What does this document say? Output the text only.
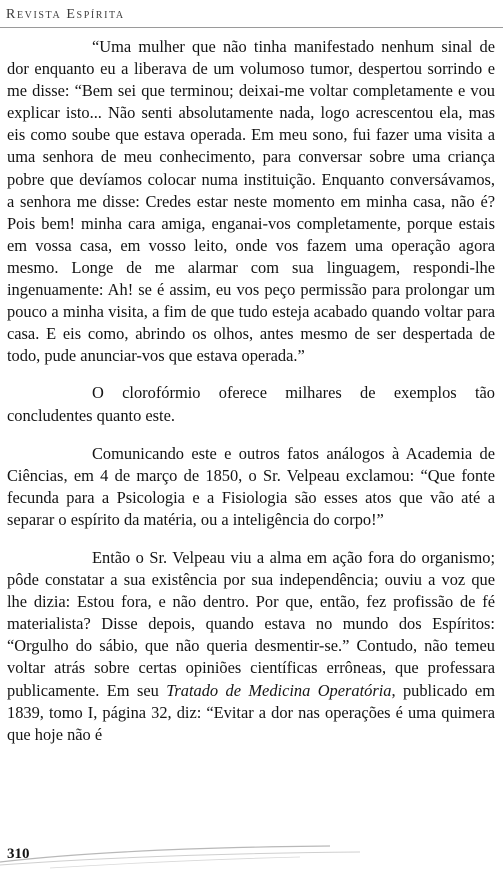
Revista Espírita

“Uma mulher que não tinha manifestado nenhum sinal de dor enquanto eu a liberava de um volumoso tumor, despertou sorrindo e me disse: “Bem sei que terminou; deixai-me voltar completamente e vou explicar isto... Não senti absolutamente nada, logo acrescentou ela, mas eis como soube que estava operada. Em meu sono, fui fazer uma visita a uma senhora de meu conhecimento, para conversar sobre uma criança pobre que devíamos colocar numa instituição. Enquanto conversávamos, a senhora me disse: Credes estar neste momento em minha casa, não é? Pois bem! minha cara amiga, enganai-vos completamente, porque estais em vossa casa, em vosso leito, onde vos fazem uma operação agora mesmo. Longe de me alarmar com sua linguagem, respondi-lhe ingenuamente: Ah! se é assim, eu vos peço permissão para prolongar um pouco a minha visita, a fim de que tudo esteja acabado quando voltar para casa. E eis como, abrindo os olhos, antes mesmo de ser despertada de todo, pude anunciar-vos que estava operada.”

O clorofórmio oferece milhares de exemplos tão concludentes quanto este.

Comunicando este e outros fatos análogos à Academia de Ciências, em 4 de março de 1850, o Sr. Velpeau exclamou: “Que fonte fecunda para a Psicologia e a Fisiologia são esses atos que vão até a separar o espírito da matéria, ou a inteligência do corpo!”

Então o Sr. Velpeau viu a alma em ação fora do organismo; pôde constatar a sua existência por sua independência; ouviu a voz que lhe dizia: Estou fora, e não dentro. Por que, então, fez profissão de fé materialista? Disse depois, quando estava no mundo dos Espíritos: “Orgulho do sábio, que não queria desmentir-se.” Contudo, não temeu voltar atrás sobre certas opiniões científicas errôneas, que professara publicamente. Em seu Tratado de Medicina Operatória, publicado em 1839, tomo I, página 32, diz: “Evitar a dor nas operações é uma quimera que hoje não é

310
